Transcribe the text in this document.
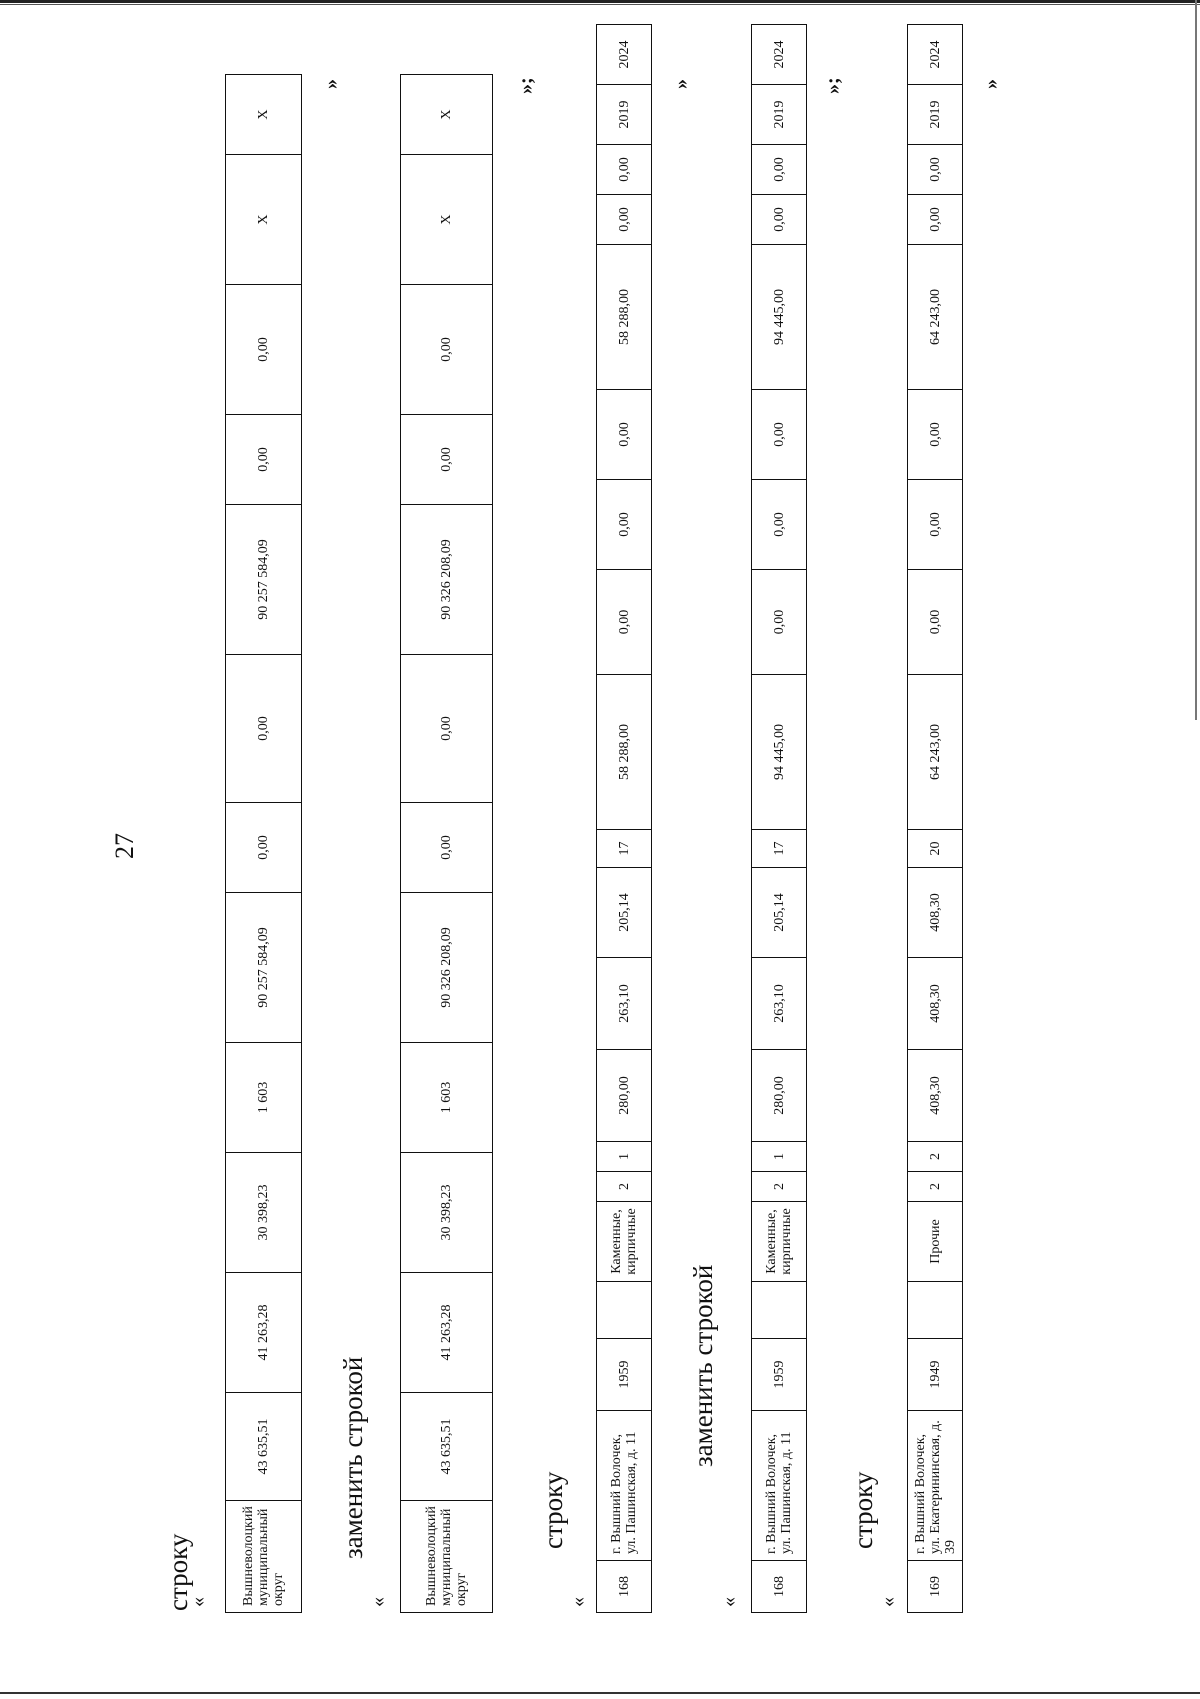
27
строку
« Вышневолоцкий муниципальный округ	43 635,51	41 263,28	30 398,23	1 603	90 257 584,09	0,00	0,00	90 257 584,09	0,00	0,00	X	X
»
заменить строкой
«	Вышневолоцкий муниципальный округ	43 635,51	41 263,28	30 398,23	1 603	90 326 208,09	0,00	0,00	90 326 208,09	0,00	0,00	X	X
»;
строку
«
168	г. Вышний Волочек, ул. Пашинская, д. 11	1959		Каменные, кирпичные	2	1	280,00	263,10	205,14	17	58 288,00	0,00	0,00	0,00	58 288,00	0,00	0,00	2019	2024
»
заменить строкой
«
168	г. Вышний Волочек, ул. Пашинская, д. 11	1959		Каменные, кирпичные	2	1	280,00	263,10	205,14	17	94 445,00	0,00	0,00	0,00	94 445,00	0,00	0,00	2019	2024
»;
строку
«
169	г. Вышний Волочек, ул. Екатерининская, д. 39	1949		Прочие	2	2	408,30	408,30	408,30	20	64 243,00	0,00	0,00	0,00	64 243,00	0,00	0,00	2019	2024
»
